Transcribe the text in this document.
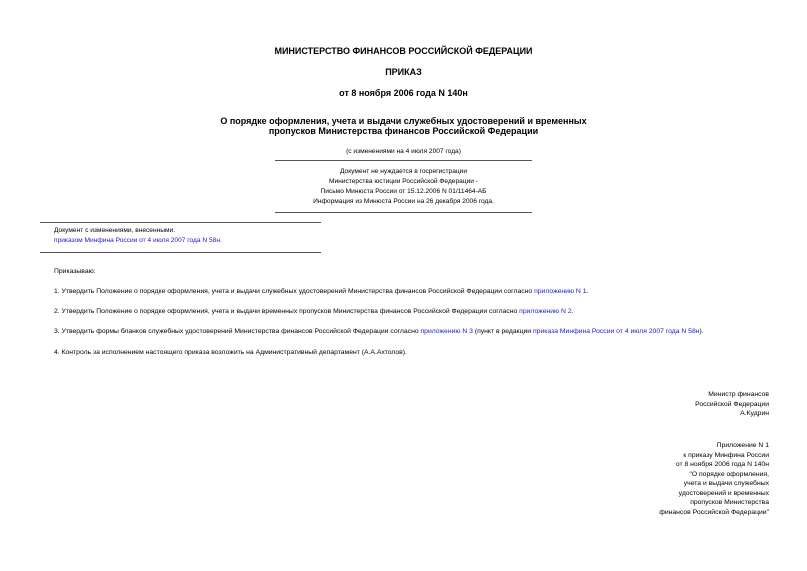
МИНИСТЕРСТВО ФИНАНСОВ РОССИЙСКОЙ ФЕДЕРАЦИИ
ПРИКАЗ
от 8 ноября 2006 года N 140н
О порядке оформления, учета и выдачи служебных удостоверений и временных
пропусков Министерства финансов Российской Федерации
(с изменениями на 4 июля 2007 года)
Документ не нуждается в госрегистрации
Министерства юстиции Российской Федерации -
Письмо Минюста России от 15.12.2006 N 01/11464-АБ
Информация из Минюста России на 26 декабря 2006 года.
Документ с изменениями, внесенными:
приказом Минфина России от 4 июля 2007 года N 58н.
Приказываю:
1. Утвердить Положение о порядке оформления, учета и выдачи служебных удостоверений Министерства финансов Российской Федерации согласно приложению N 1.
2. Утвердить Положение о порядке оформления, учета и выдачи временных пропусков Министерства финансов Российской Федерации согласно приложению N 2.
3. Утвердить формы бланков служебных удостоверений Министерства финансов Российской Федерации согласно приложению N 3 (пункт в редакции приказа Минфина России от 4 июля 2007 года N 58н).
4. Контроль за исполнением настоящего приказа возложить на Административный департамент (А.А.Ахтолов).
Министр финансов
Российской Федерации
А.Кудрин
Приложение N 1
к приказу Минфина России
от 8 ноября 2006 года N 140н
"О порядке оформления,
учета и выдачи служебных
удостоверений и временных
пропусков Министерства
финансов Российской Федерации"
